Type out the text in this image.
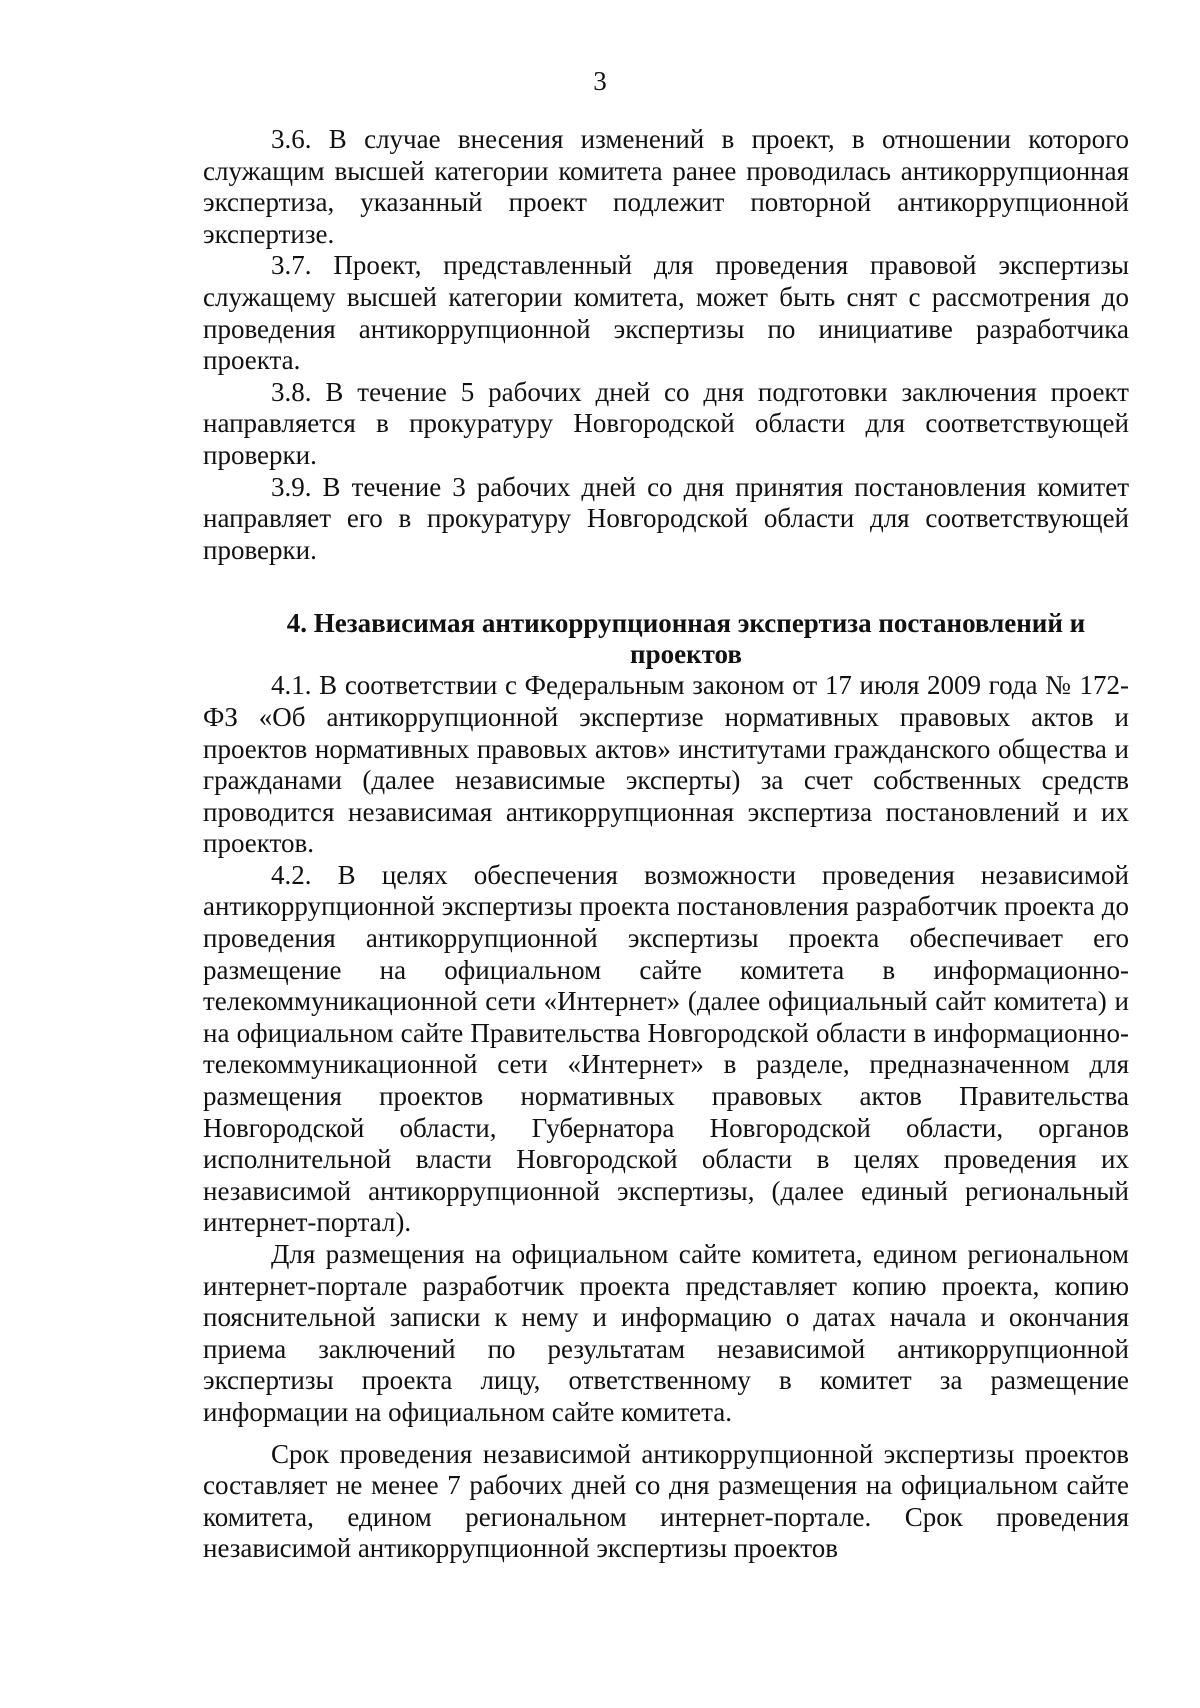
3

3.6. В случае внесения изменений в проект, в отношении которого служащим высшей категории комитета ранее проводилась антикоррупционная экспертиза, указанный проект подлежит повторной антикоррупционной экспертизе.

3.7. Проект, представленный для проведения правовой экспертизы служащему высшей категории комитета, может быть снят с рассмотрения до проведения антикоррупционной экспертизы по инициативе разработчика проекта.

3.8. В течение 5 рабочих дней со дня подготовки заключения проект направляется в прокуратуру Новгородской области для соответствующей проверки.

3.9. В течение 3 рабочих дней со дня принятия постановления комитет направляет его в прокуратуру Новгородской области для соответствующей проверки.

4. Независимая антикоррупционная экспертиза постановлений и проектов

4.1. В соответствии с Федеральным законом от 17 июля 2009 года № 172-ФЗ «Об антикоррупционной экспертизе нормативных правовых актов и проектов нормативных правовых актов» институтами гражданского общества и гражданами (далее независимые эксперты) за счет собственных средств проводится независимая антикоррупционная экспертиза постановлений и их проектов.

4.2. В целях обеспечения возможности проведения независимой антикоррупционной экспертизы проекта постановления разработчик проекта до проведения антикоррупционной экспертизы проекта обеспечивает его размещение на официальном сайте комитета в информационно-телекоммуникационной сети «Интернет» (далее официальный сайт комитета) и на официальном сайте Правительства Новгородской области в информационно-телекоммуникационной сети «Интернет» в разделе, предназначенном для размещения проектов нормативных правовых актов Правительства Новгородской области, Губернатора Новгородской области, органов исполнительной власти Новгородской области в целях проведения их независимой антикоррупционной экспертизы, (далее единый региональный интернет-портал).

Для размещения на официальном сайте комитета, едином региональном интернет-портале разработчик проекта представляет копию проекта, копию пояснительной записки к нему и информацию о датах начала и окончания приема заключений по результатам независимой антикоррупционной экспертизы проекта лицу, ответственному в комитет за размещение информации на официальном сайте комитета.

Срок проведения независимой антикоррупционной экспертизы проектов составляет не менее 7 рабочих дней со дня размещения на официальном сайте комитета, едином региональном интернет-портале. Срок проведения независимой антикоррупционной экспертизы проектов
